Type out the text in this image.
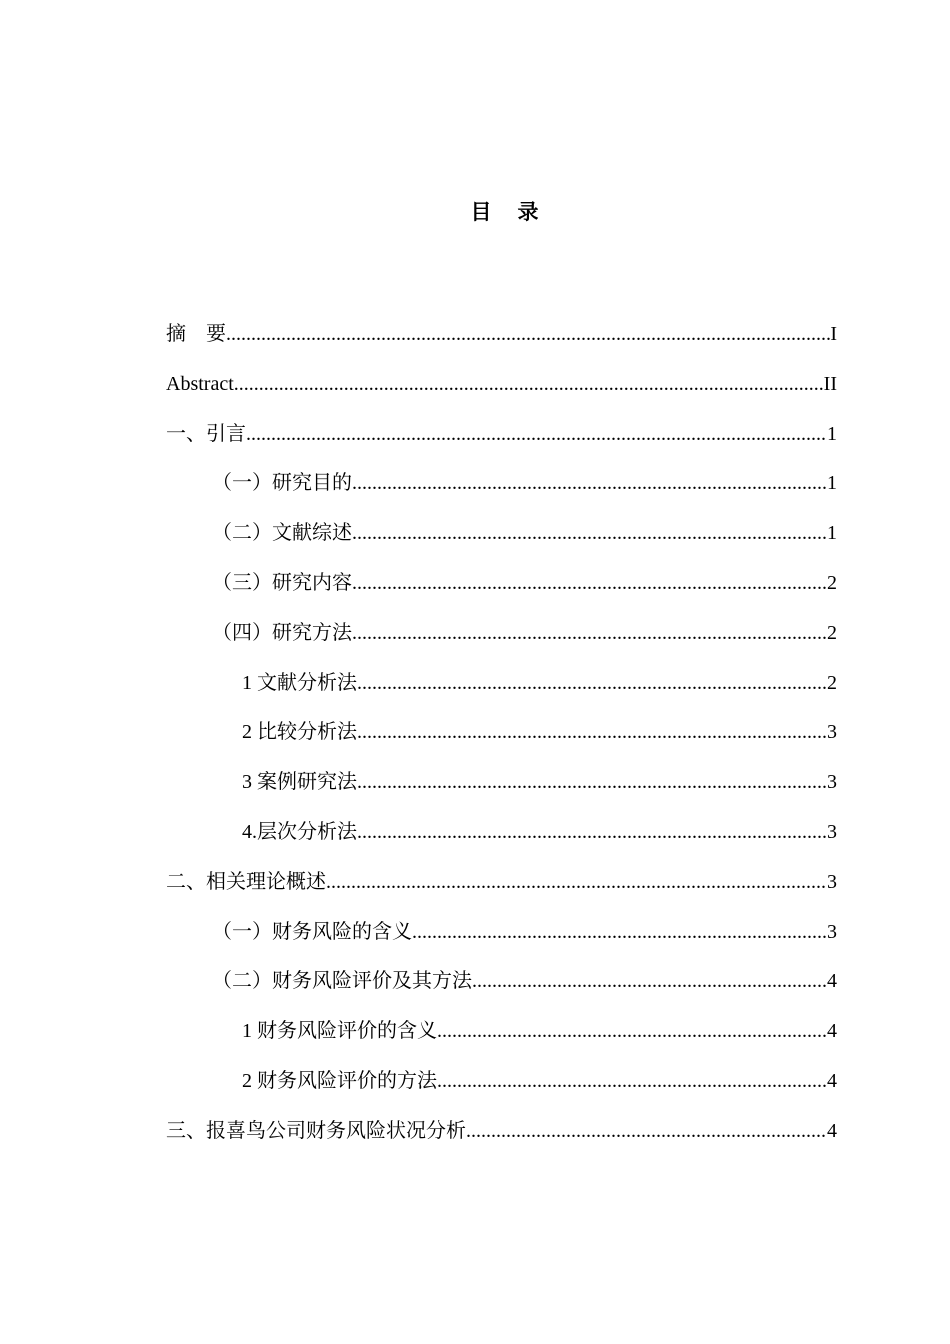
目    录
摘    要 .....	I
Abstract .....	II
一、引言 .....	1
（一）研究目的 .....	1
（二）文献综述 .....	1
（三）研究内容 .....	2
（四）研究方法 .....	2
1 文献分析法 .....	2
2 比较分析法 .....	3
3 案例研究法 .....	3
4.层次分析法 .....	3
二、相关理论概述 .....	3
（一）财务风险的含义 .....	3
（二）财务风险评价及其方法 .....	4
1 财务风险评价的含义 .....	4
2 财务风险评价的方法 .....	4
三、报喜鸟公司财务风险状况分析 .....	4
